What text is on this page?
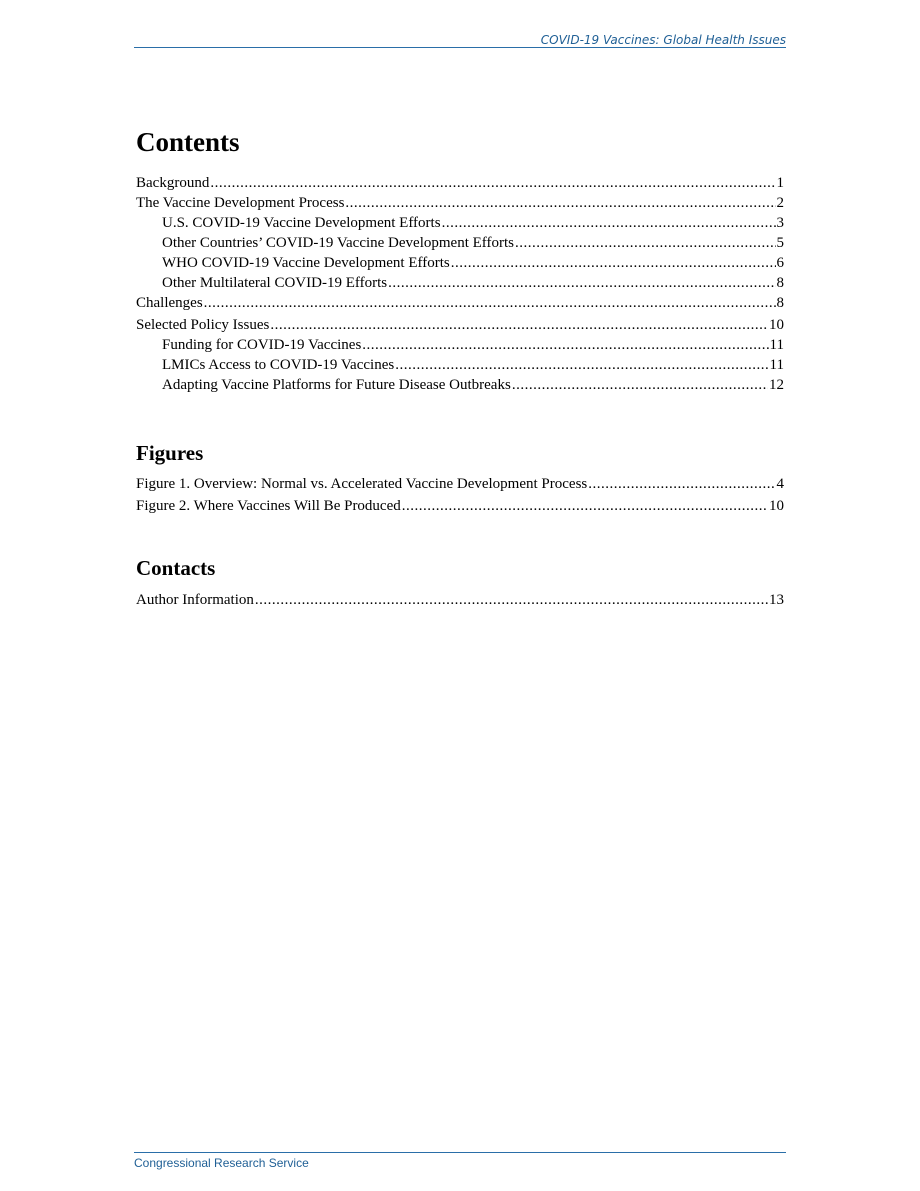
COVID-19 Vaccines: Global Health Issues
Contents
Background .....	1
The Vaccine Development Process .....	2
U.S. COVID-19 Vaccine Development Efforts .....	3
Other Countries’ COVID-19 Vaccine Development Efforts .....	5
WHO COVID-19 Vaccine Development Efforts .....	6
Other Multilateral COVID-19 Efforts .....	8
Challenges .....	8
Selected Policy Issues .....	10
Funding for COVID-19 Vaccines .....	11
LMICs Access to COVID-19 Vaccines .....	11
Adapting Vaccine Platforms for Future Disease Outbreaks .....	12
Figures
Figure 1. Overview: Normal vs. Accelerated Vaccine Development Process .....	4
Figure 2. Where Vaccines Will Be Produced .....	10
Contacts
Author Information .....	13
Congressional Research Service
